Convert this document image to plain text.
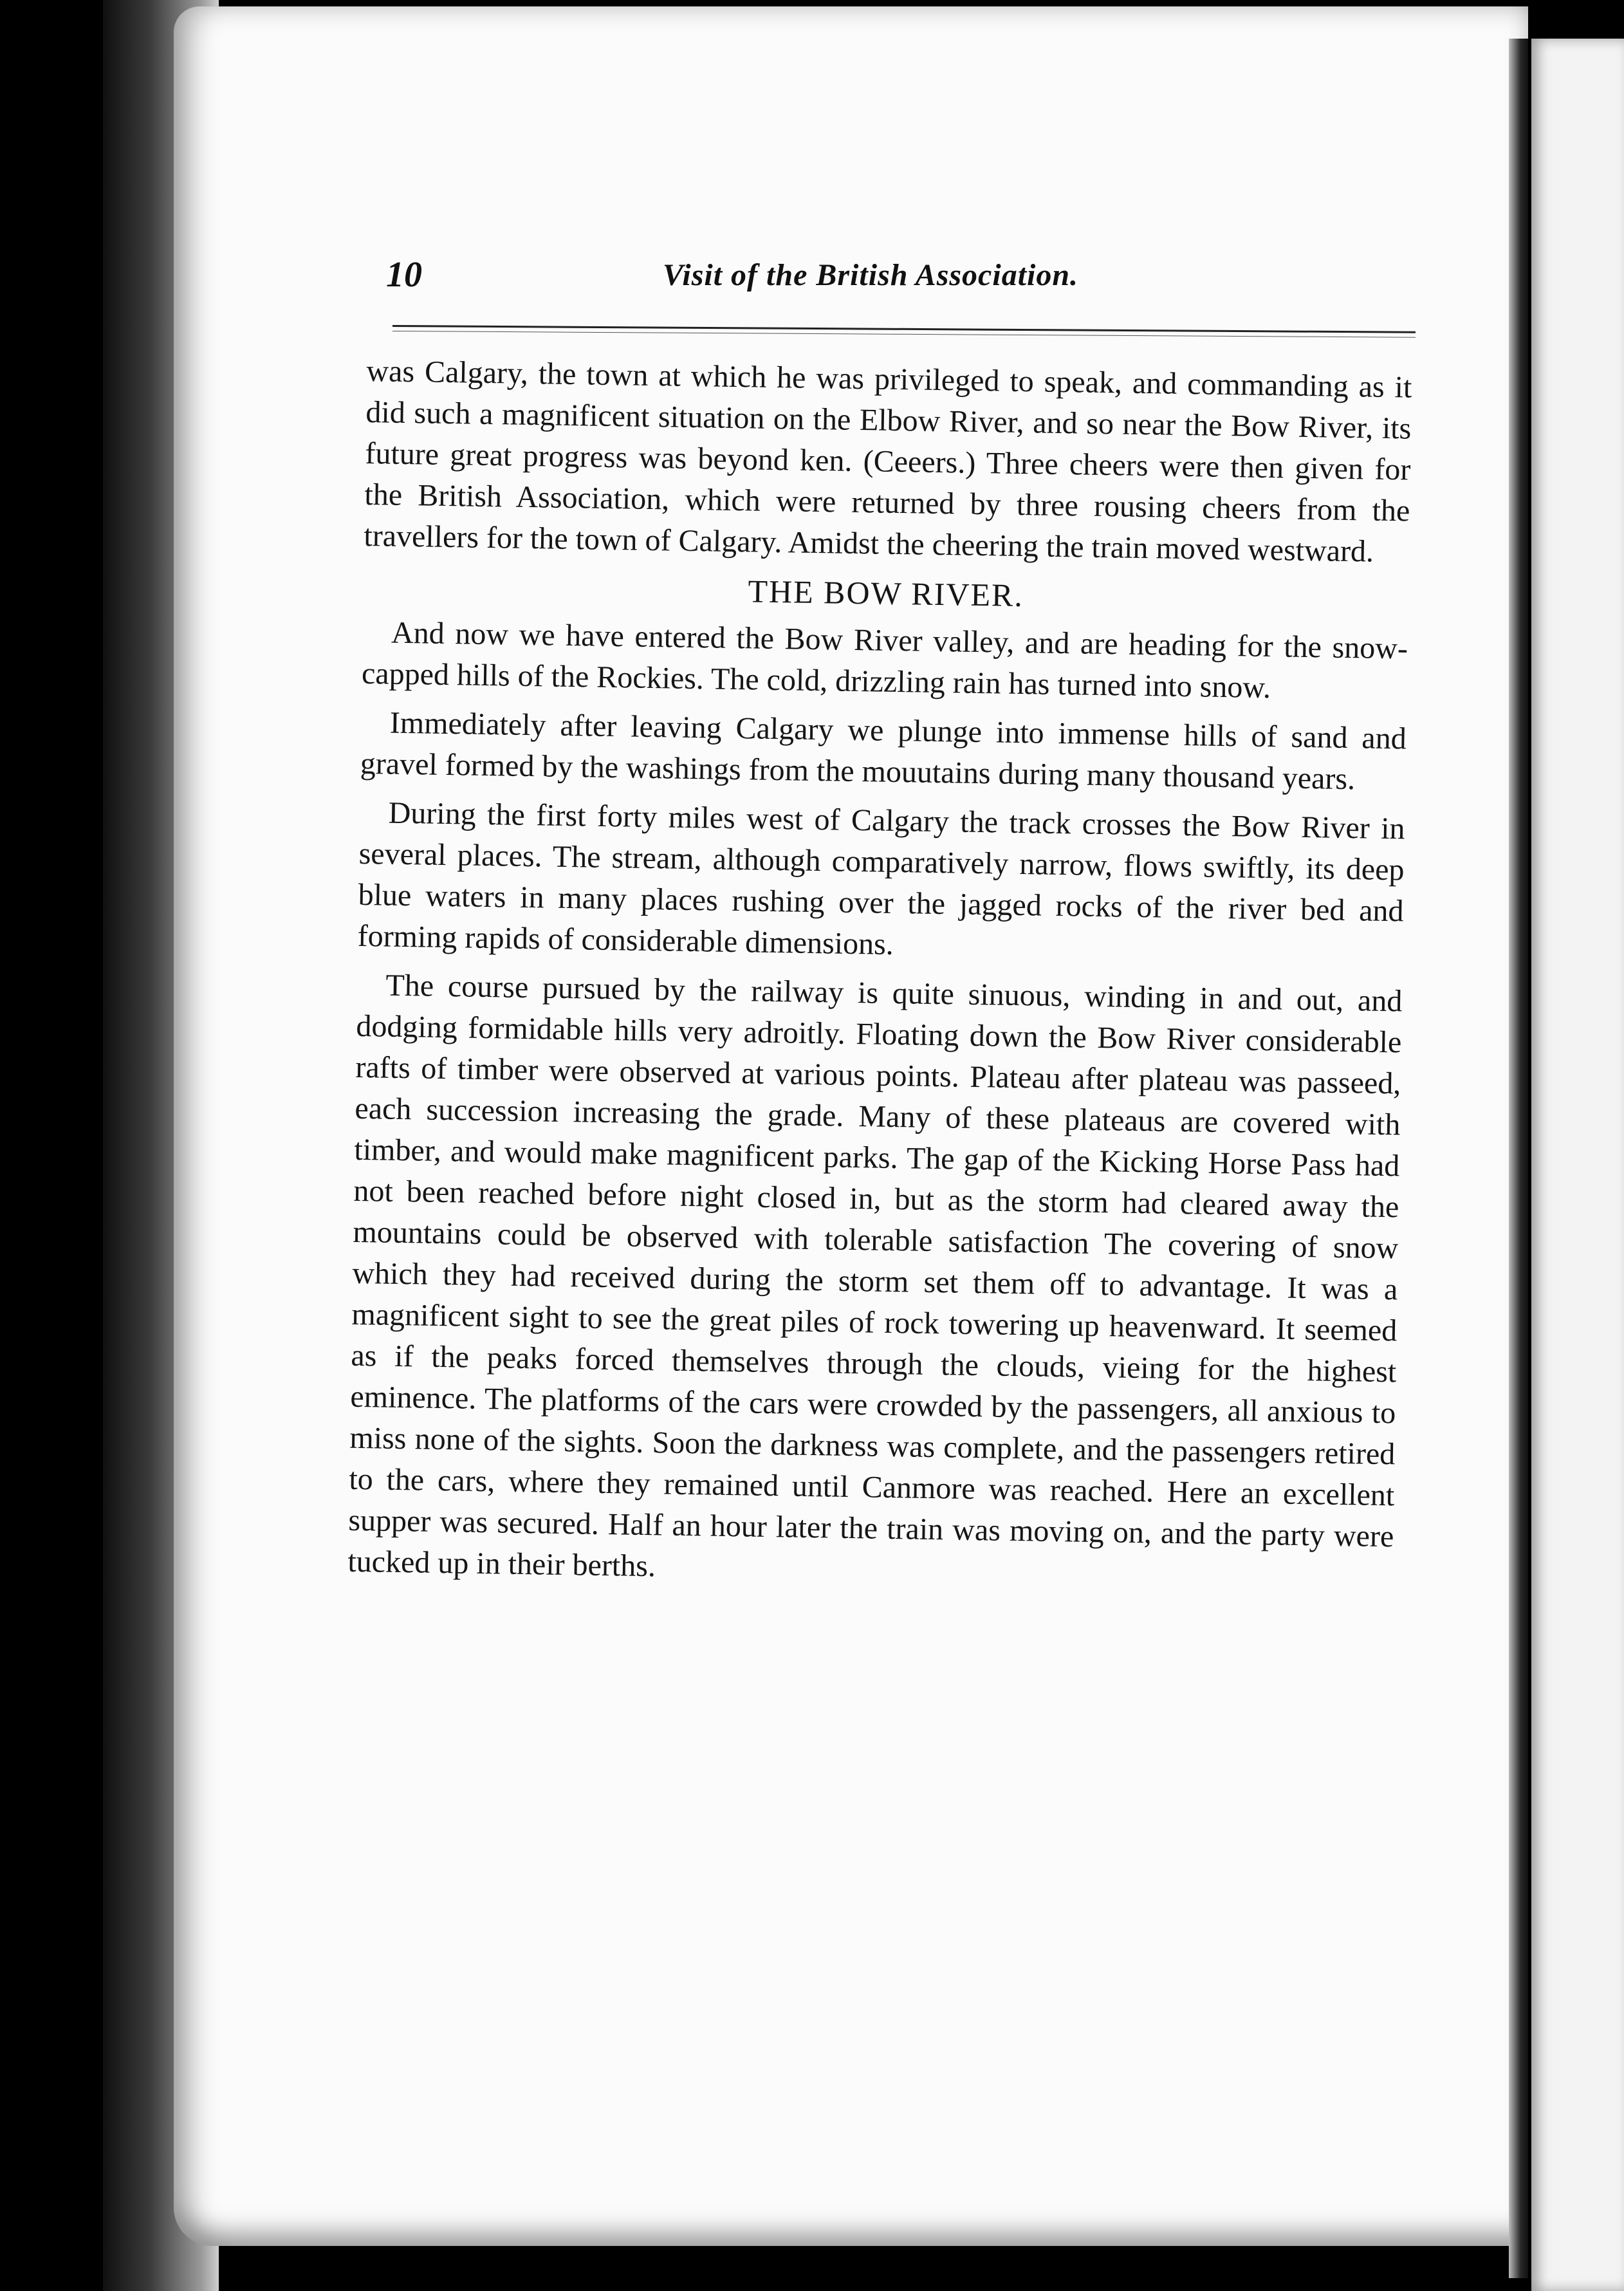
10	Visit of the British Association.

was Calgary, the town at which he was privileged to speak, and commanding as it did such a magnificent situation on the Elbow River, and so near the Bow River, its future great progress was beyond ken. (Ceeers.) Three cheers were then given for the British Association, which were returned by three rousing cheers from the travellers for the town of Calgary. Amidst the cheering the train moved westward.

THE BOW RIVER.

And now we have entered the Bow River valley, and are heading for the snow-capped hills of the Rockies. The cold, drizzling rain has turned into snow.

Immediately after leaving Calgary we plunge into immense hills of sand and gravel formed by the washings from the mouutains during many thousand years.

During the first forty miles west of Calgary the track crosses the Bow River in several places. The stream, although comparatively narrow, flows swiftly, its deep blue waters in many places rushing over the jagged rocks of the river bed and forming rapids of considerable dimensions.

The course pursued by the railway is quite sinuous, winding in and out, and dodging formidable hills very adroitly. Floating down the Bow River considerable rafts of timber were observed at various points. Plateau after plateau was passeed, each succession increasing the grade. Many of these plateaus are covered with timber, and would make magnificent parks. The gap of the Kicking Horse Pass had not been reached before night closed in, but as the storm had cleared away the mountains could be observed with tolerable satisfaction The covering of snow which they had received during the storm set them off to advantage. It was a magnificent sight to see the great piles of rock towering up heavenward. It seemed as if the peaks forced themselves through the clouds, vieing for the highest eminence. The platforms of the cars were crowded by the passengers, all anxious to miss none of the sights. Soon the darkness was complete, and the passengers retired to the cars, where they remained until Canmore was reached. Here an excellent supper was secured. Half an hour later the train was moving on, and the party were tucked up in their berths.
